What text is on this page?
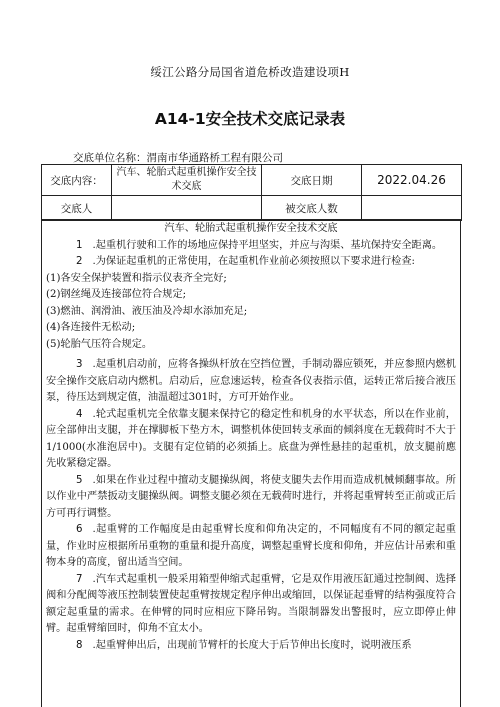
绥江公路分局国省道危桥改造建设项H
A14-1安全技术交底记录表
交底单位名称：渭南市华通路桥工程有限公司
交底内容：	汽车、轮胎式起重机操作安全技术交底	交底日期	2022.04.26
交底人		被交底人数	
汽车、轮胎式起重机操作安全技术交底
1 .起重机行驶和工作的场地应保持平坦坚实，并应与沟渠、基坑保持安全距离。
2 .为保证起重机的正常使用，在起重机作业前必须按照以下要求进行检查:
(1)各安全保护装置和指示仪表齐全完好;
(2)钢丝绳及连接部位符合规定;
(3)燃油、润滑油、液压油及冷却水添加充足;
(4)各连接件无松动;
(5)轮胎气压符合规定。
3 .起重机启动前，应将各操纵杆放在空挡位置，手制动器应锁死，并应参照内燃机安全操作交底启动内燃机。启动后，应怠速运转，检查各仪表指示值，运转正常后接合液压泵，待压达到规定值，油温超过301时，方可开始作业。
4 .轮式起重机完全依靠支腿来保持它的稳定性和机身的水平状态，所以在作业前，应全部伸出支腿，并在撑脚板下垫方木，调整机体使回转支承面的倾斜度在无载荷时不大于1/1000(水准泡居中)。支腿有定位销的必须插上。底盘为弹性悬挂的起重机，放支腿前應先收紧稳定器。
5 .如果在作业过程中擅动支腿操纵阀，将使支腿失去作用而造成机械倾翻事故。所以作业中严禁扳动支腿操纵阀。调整支腿必须在无载荷时进行，并将起重臂转至正前或正后方可再行调整。
6 .起重臂的工作幅度是由起重臂长度和仰角决定的，不同幅度有不同的额定起重量，作业时应根据所吊重物的重量和提升高度，调整起重臂长度和仰角，并应估计吊索和重物本身的高度，留出适当空间。
7 .汽车式起重机一般采用箱型伸缩式起重臂，它是双作用液压缸通过控制阀、选择阀和分配阀等液压控制装置使起重臂按规定程序伸出或缩回，以保证起垂臂的结构强度符合额定起重量的需求。在伸臂的同时应相应下降吊钩。当限制器发出警报时，应立即停止伸臂。起重臂缩回时，仰角不宜太小。
8 .起重臂伸出后，出现前节臂杆的长度大于后节伸出长度时，说明液压系
